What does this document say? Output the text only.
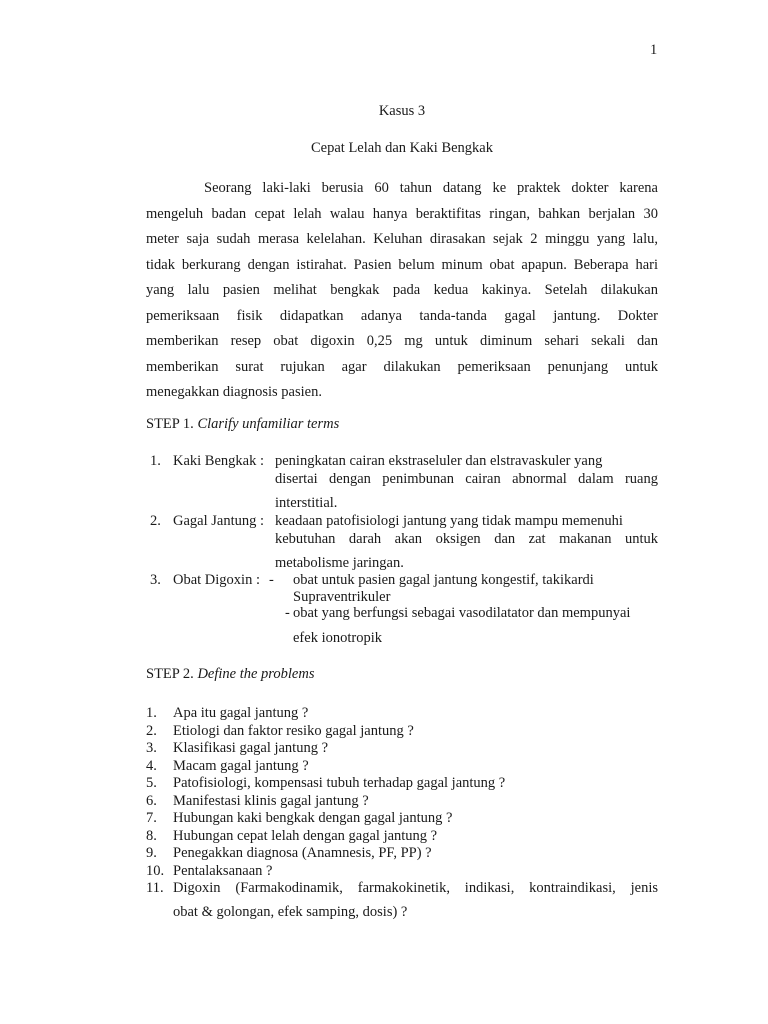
1
Kasus 3
Cepat Lelah dan Kaki Bengkak
Seorang laki-laki berusia 60 tahun datang ke praktek dokter karena
mengeluh badan cepat lelah walau hanya beraktifitas ringan, bahkan berjalan 30
meter saja sudah merasa kelelahan. Keluhan dirasakan sejak 2 minggu yang lalu,
tidak berkurang dengan istirahat. Pasien belum minum obat apapun. Beberapa hari
yang lalu pasien melihat bengkak pada kedua kakinya. Setelah dilakukan
pemeriksaan fisik didapatkan adanya tanda-tanda gagal jantung. Dokter
memberikan resep obat digoxin 0,25 mg untuk diminum sehari sekali dan
memberikan surat rujukan agar dilakukan pemeriksaan penunjang untuk
menegakkan diagnosis pasien.
STEP 1. Clarify unfamiliar terms
1. Kaki Bengkak : peningkatan cairan ekstraseluler dan elstravaskuler yang
disertai dengan penimbunan cairan abnormal dalam ruang
interstitial.
2. Gagal Jantung : keadaan patofisiologi jantung yang tidak mampu memenuhi
kebutuhan darah akan oksigen dan zat makanan untuk
metabolisme jaringan.
3. Obat Digoxin : - obat untuk pasien gagal jantung kongestif, takikardi
Supraventrikuler
- obat yang berfungsi sebagai vasodilatator dan mempunyai
efek ionotropik
STEP 2. Define the problems
1. Apa itu gagal jantung ?
2. Etiologi dan faktor resiko gagal jantung ?
3. Klasifikasi gagal jantung ?
4. Macam gagal jantung ?
5. Patofisiologi, kompensasi tubuh terhadap gagal jantung ?
6. Manifestasi klinis gagal jantung ?
7. Hubungan kaki bengkak dengan gagal jantung ?
8. Hubungan cepat lelah dengan gagal jantung ?
9. Penegakkan diagnosa (Anamnesis, PF, PP) ?
10. Pentalaksanaan ?
11. Digoxin (Farmakodinamik, farmakokinetik, indikasi, kontraindikasi, jenis
obat & golongan, efek samping, dosis) ?
